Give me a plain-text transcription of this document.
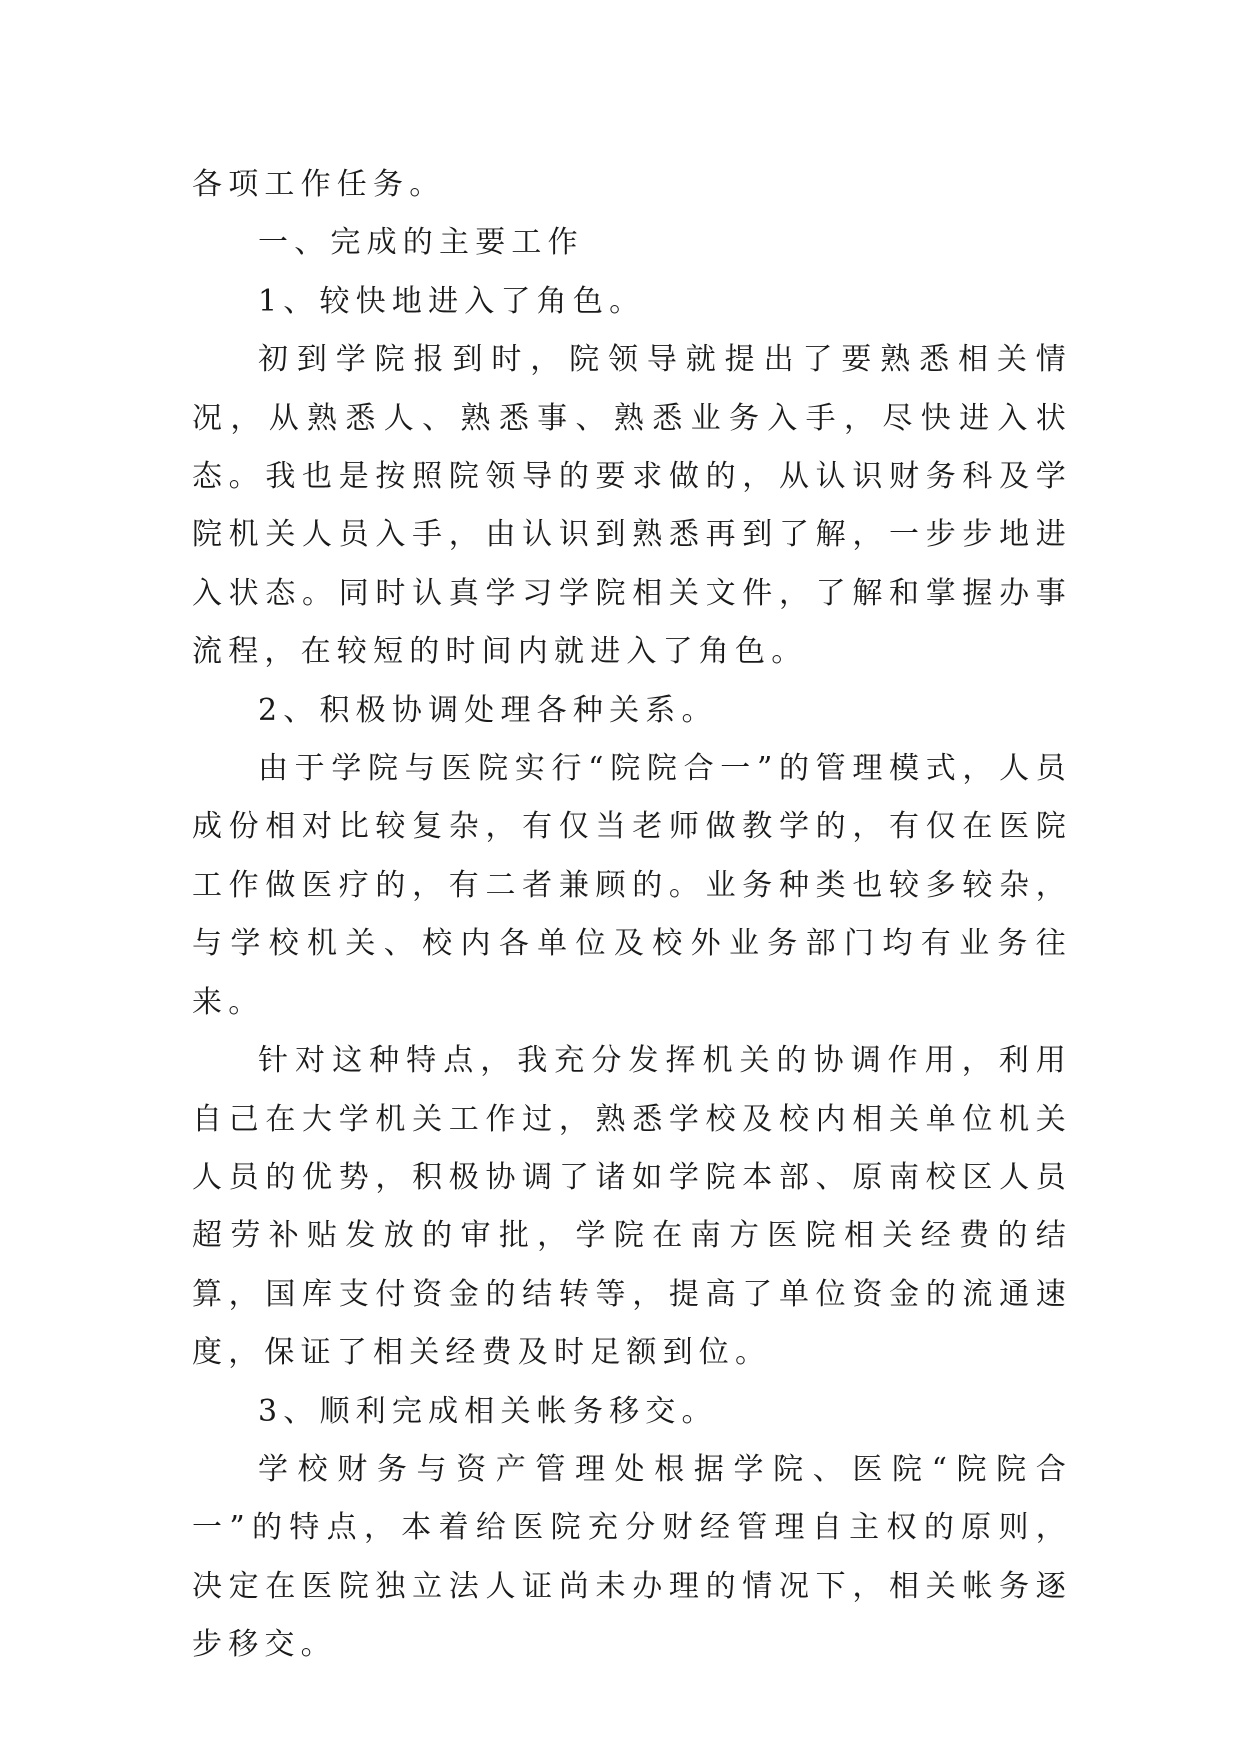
各项工作任务。

一、完成的主要工作

1、较快地进入了角色。

初到学院报到时，院领导就提出了要熟悉相关情况，从熟悉人、熟悉事、熟悉业务入手，尽快进入状态。我也是按照院领导的要求做的，从认识财务科及学院机关人员入手，由认识到熟悉再到了解，一步步地进入状态。同时认真学习学院相关文件，了解和掌握办事流程，在较短的时间内就进入了角色。

2、积极协调处理各种关系。

由于学院与医院实行“院院合一”的管理模式，人员成份相对比较复杂，有仅当老师做教学的，有仅在医院工作做医疗的，有二者兼顾的。业务种类也较多较杂，与学校机关、校内各单位及校外业务部门均有业务往来。

针对这种特点，我充分发挥机关的协调作用，利用自己在大学机关工作过，熟悉学校及校内相关单位机关人员的优势，积极协调了诸如学院本部、原南校区人员超劳补贴发放的审批，学院在南方医院相关经费的结算，国库支付资金的结转等，提高了单位资金的流通速度，保证了相关经费及时足额到位。

3、顺利完成相关帐务移交。

学校财务与资产管理处根据学院、医院“院院合一”的特点，本着给医院充分财经管理自主权的原则，决定在医院独立法人证尚未办理的情况下，相关帐务逐步移交。
